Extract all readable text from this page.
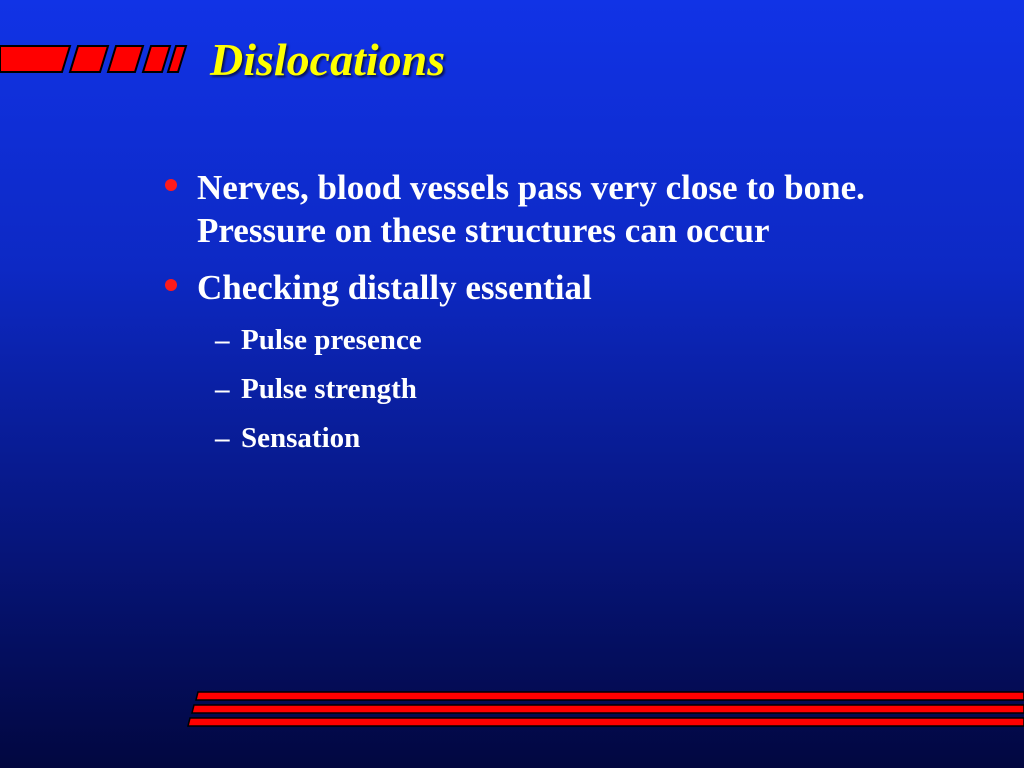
Dislocations
Nerves, blood vessels pass very close to bone. Pressure on these structures can occur
Checking distally essential
– Pulse presence
– Pulse strength
– Sensation
